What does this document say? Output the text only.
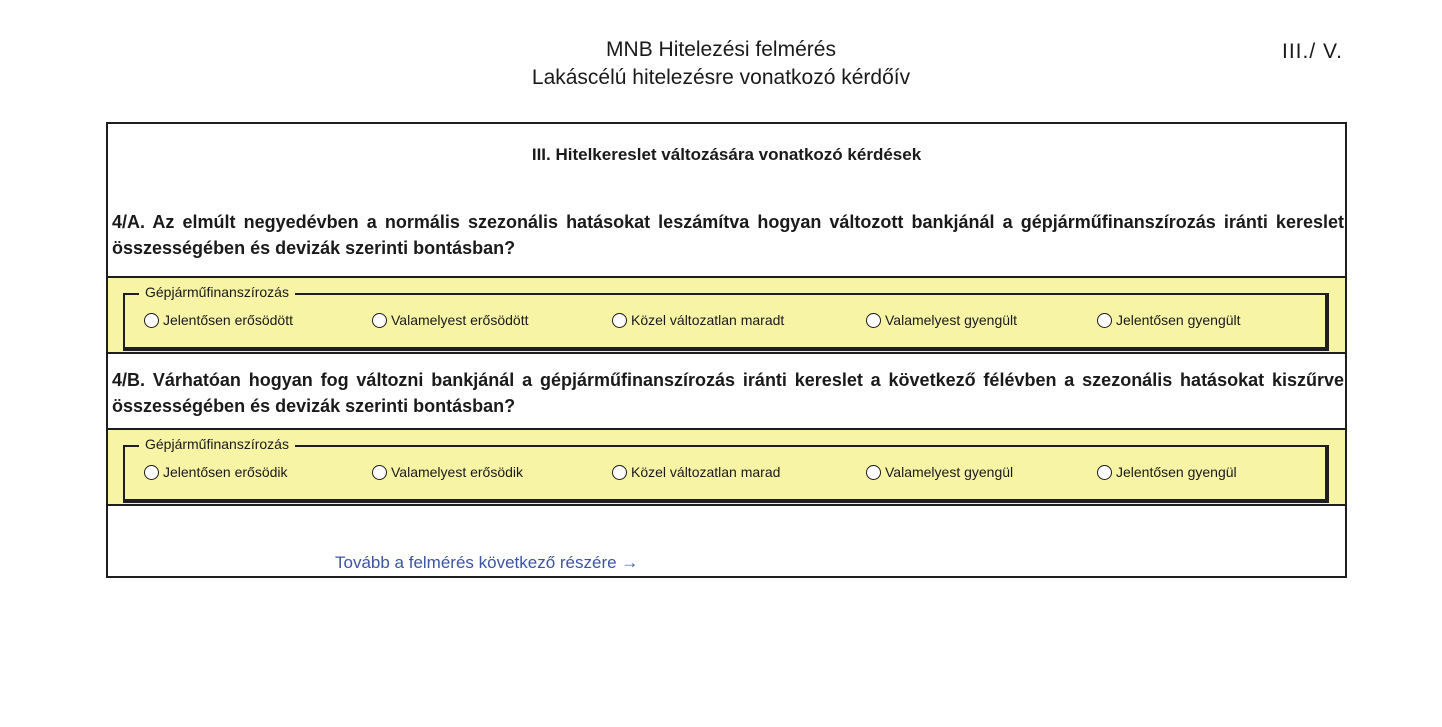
MNB Hitelezési felmérés
Lakáscélú hitelezésre vonatkozó kérdőív
III./ V.
III. Hitelkereslet változására vonatkozó kérdések
4/A. Az elmúlt negyedévben a normális szezonális hatásokat leszámítva hogyan változott bankjánál a gépjárműfinanszírozás iránti kereslet összességében és devizák szerinti bontásban?
Gépjárműfinanszírozás
Jelentősen erősödött	Valamelyest erősödött	Közel változatlan maradt	Valamelyest gyengült	Jelentősen gyengült
4/B. Várhatóan hogyan fog változni bankjánál a gépjárműfinanszírozás iránti kereslet a következő félévben a szezonális hatásokat kiszűrve összességében és devizák szerinti bontásban?
Gépjárműfinanszírozás
Jelentősen erősödik	Valamelyest erősödik	Közel változatlan marad	Valamelyest gyengül	Jelentősen gyengül
Tovább a felmérés következő részére →
